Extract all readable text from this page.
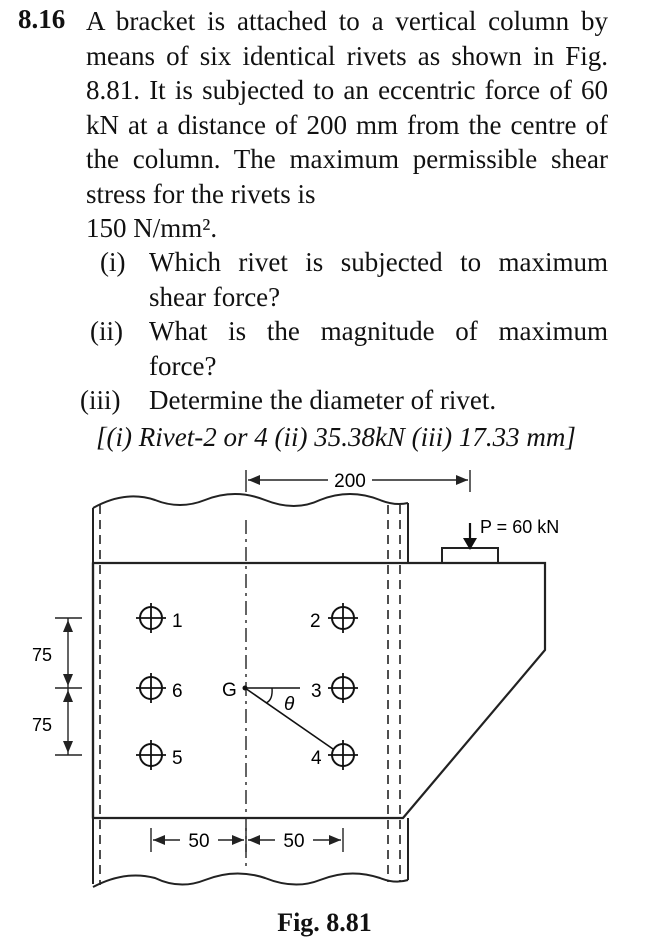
8.16 A bracket is attached to a vertical column by means of six identical rivets as shown in Fig. 8.81. It is subjected to an eccentric force of 60 kN at a distance of 200 mm from the centre of the column. The maximum permissible shear stress for the rivets is

150 N/mm².

(i) Which rivet is subjected to maximum shear force?
(ii) What is the magnitude of maximum force?
(iii) Determine the diameter of rivet.
[(i) Rivet-2 or 4 (ii) 35.38kN (iii) 17.33 mm]
P = 60 kN
200
1	2
3
4
5
6 G
θ
75
75
50	50
Fig. 8.81
